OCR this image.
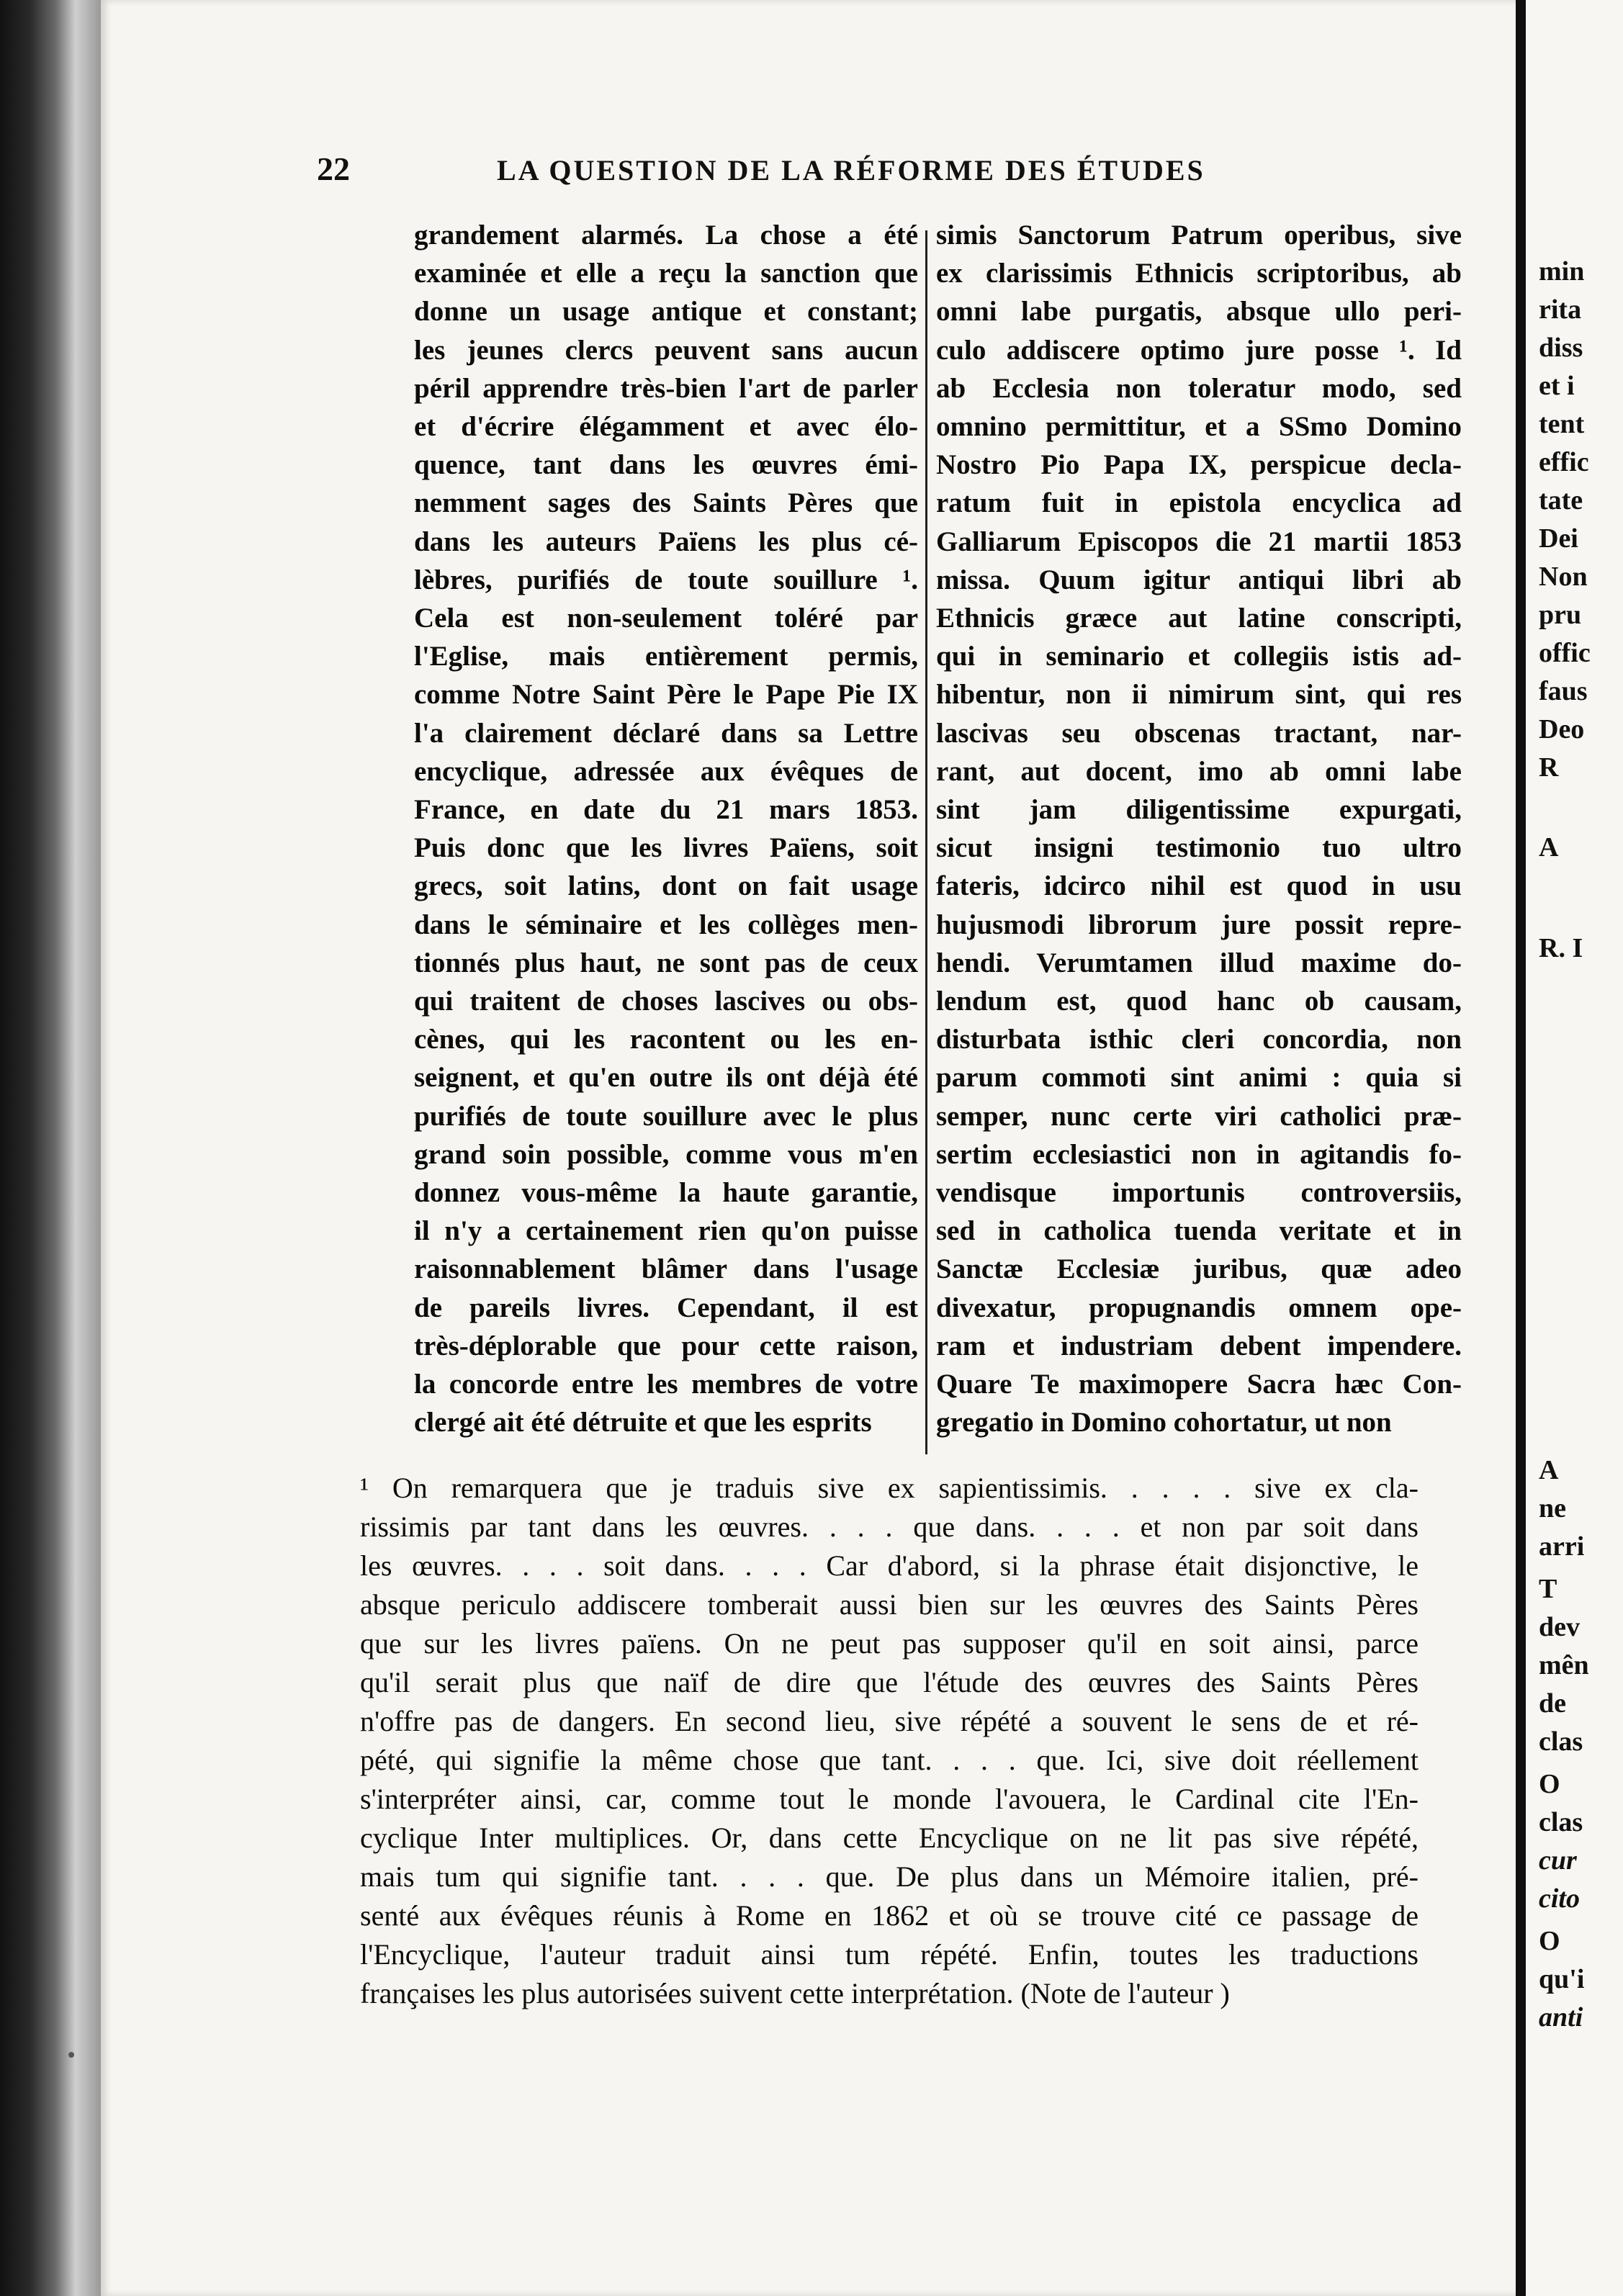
22	LA QUESTION DE LA RÉFORME DES ÉTUDES
grandement alarmés. La chose a été
examinée et elle a reçu la sanction que
donne un usage antique et constant;
les jeunes clercs peuvent sans aucun
péril apprendre très-bien l'art de parler
et d'écrire élégamment et avec élo-
quence, tant dans les œuvres émi-
nemment sages des Saints Pères que
dans les auteurs Païens les plus cé-
lèbres, purifiés de toute souillure ¹.
Cela est non-seulement toléré par
l'Eglise, mais entièrement permis,
comme Notre Saint Père le Pape Pie IX
l'a clairement déclaré dans sa Lettre
encyclique, adressée aux évêques de
France, en date du 21 mars 1853.
Puis donc que les livres Païens, soit
grecs, soit latins, dont on fait usage
dans le séminaire et les collèges men-
tionnés plus haut, ne sont pas de ceux
qui traitent de choses lascives ou obs-
cènes, qui les racontent ou les en-
seignent, et qu'en outre ils ont déjà été
purifiés de toute souillure avec le plus
grand soin possible, comme vous m'en
donnez vous-même la haute garantie,
il n'y a certainement rien qu'on puisse
raisonnablement blâmer dans l'usage
de pareils livres. Cependant, il est
très-déplorable que pour cette raison,
la concorde entre les membres de votre
clergé ait été détruite et que les esprits
simis Sanctorum Patrum operibus, sive
ex clarissimis Ethnicis scriptoribus, ab
omni labe purgatis, absque ullo peri-
culo addiscere optimo jure posse ¹. Id
ab Ecclesia non toleratur modo, sed
omnino permittitur, et a SSmo Domino
Nostro Pio Papa IX, perspicue decla-
ratum fuit in epistola encyclica ad
Galliarum Episcopos die 21 martii 1853
missa. Quum igitur antiqui libri ab
Ethnicis græce aut latine conscripti,
qui in seminario et collegiis istis ad-
hibentur, non ii nimirum sint, qui res
lascivas seu obscenas tractant, nar-
rant, aut docent, imo ab omni labe
sint jam diligentissime expurgati,
sicut insigni testimonio tuo ultro
fateris, idcirco nihil est quod in usu
hujusmodi librorum jure possit repre-
hendi. Verumtamen illud maxime do-
lendum est, quod hanc ob causam,
disturbata isthic cleri concordia, non
parum commoti sint animi : quia si
semper, nunc certe viri catholici præ-
sertim ecclesiastici non in agitandis fo-
vendisque importunis controversiis,
sed in catholica tuenda veritate et in
Sanctæ Ecclesiæ juribus, quæ adeo
divexatur, propugnandis omnem ope-
ram et industriam debent impendere.
Quare Te maximopere Sacra hæc Con-
gregatio in Domino cohortatur, ut non
¹ On remarquera que je traduis sive ex sapientissimis. . . . . sive ex cla-
rissimis par tant dans les œuvres. . . . que dans. . . . et non par soit dans
les œuvres. . . . soit dans. . . . Car d'abord, si la phrase était disjonctive, le
absque periculo addiscere tomberait aussi bien sur les œuvres des Saints Pères
que sur les livres païens. On ne peut pas supposer qu'il en soit ainsi, parce
qu'il serait plus que naïf de dire que l'étude des œuvres des Saints Pères
n'offre pas de dangers. En second lieu, sive répété a souvent le sens de et ré-
pété, qui signifie la même chose que tant. . . . que. Ici, sive doit réellement
s'interpréter ainsi, car, comme tout le monde l'avouera, le Cardinal cite l'En-
cyclique Inter multiplices. Or, dans cette Encyclique on ne lit pas sive répété,
mais tum qui signifie tant. . . . que. De plus dans un Mémoire italien, pré-
senté aux évêques réunis à Rome en 1862 et où se trouve cité ce passage de
l'Encyclique, l'auteur traduit ainsi tum répété. Enfin, toutes les traductions
françaises les plus autorisées suivent cette interprétation. (Note de l'auteur )
min
rita
diss
et i
tent
effic
tate
Dei
Non
pru
offic
faus
Deo
R
A
R. I
A
ne
arri
T
dev
mên
de
clas
O
clas
cur
cito
O
qu'i
anti
